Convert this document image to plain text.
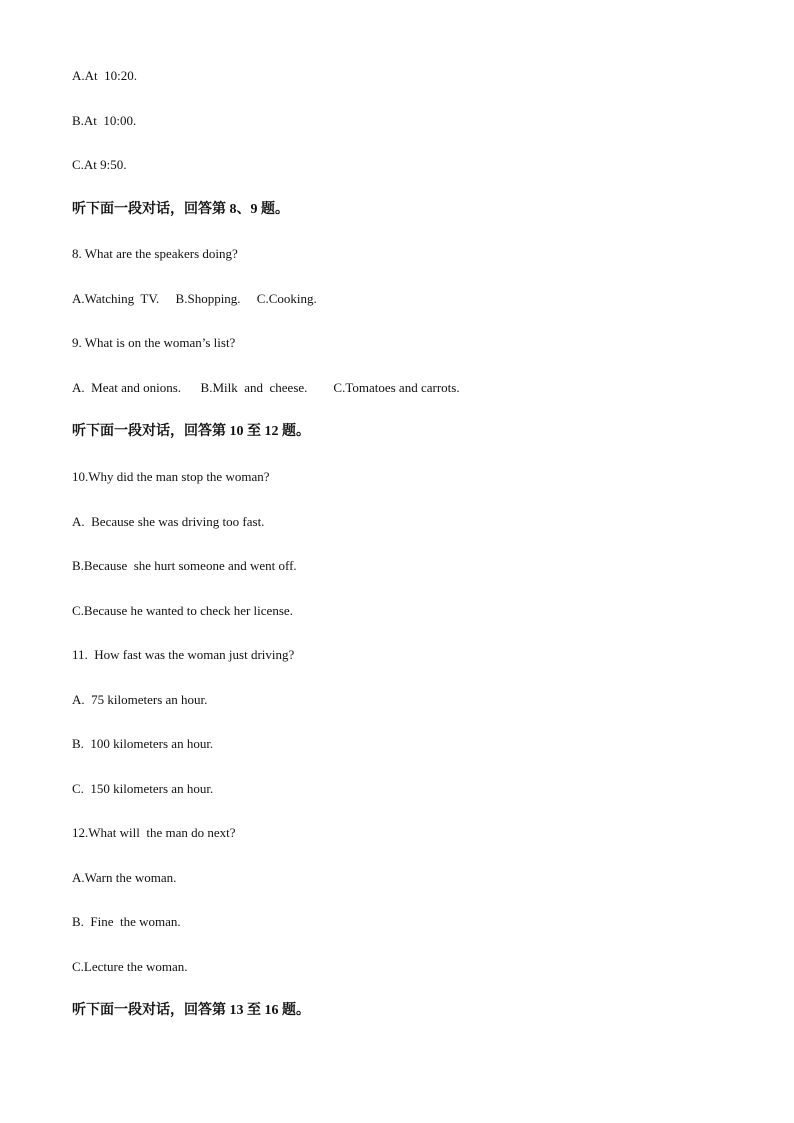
A.At  10:20.
B.At  10:00.
C.At 9:50.
听下面一段对话，回答第 8、9 题。
8. What are the speakers doing?
A.Watching  TV.     B.Shopping.     C.Cooking.
9. What is on the woman’s list?
A.  Meat and onions.      B.Milk  and  cheese.        C.Tomatoes and carrots.
听下面一段对话，回答第 10 至 12 题。
10.Why did the man stop the woman?
A.  Because she was driving too fast.
B.Because  she hurt someone and went off.
C.Because he wanted to check her license.
11.  How fast was the woman just driving?
A.  75 kilometers an hour.
B.  100 kilometers an hour.
C.  150 kilometers an hour.
12.What will  the man do next?
A.Warn the woman.
B.  Fine  the woman.
C.Lecture the woman.
听下面一段对话，回答第 13 至 16 题。
